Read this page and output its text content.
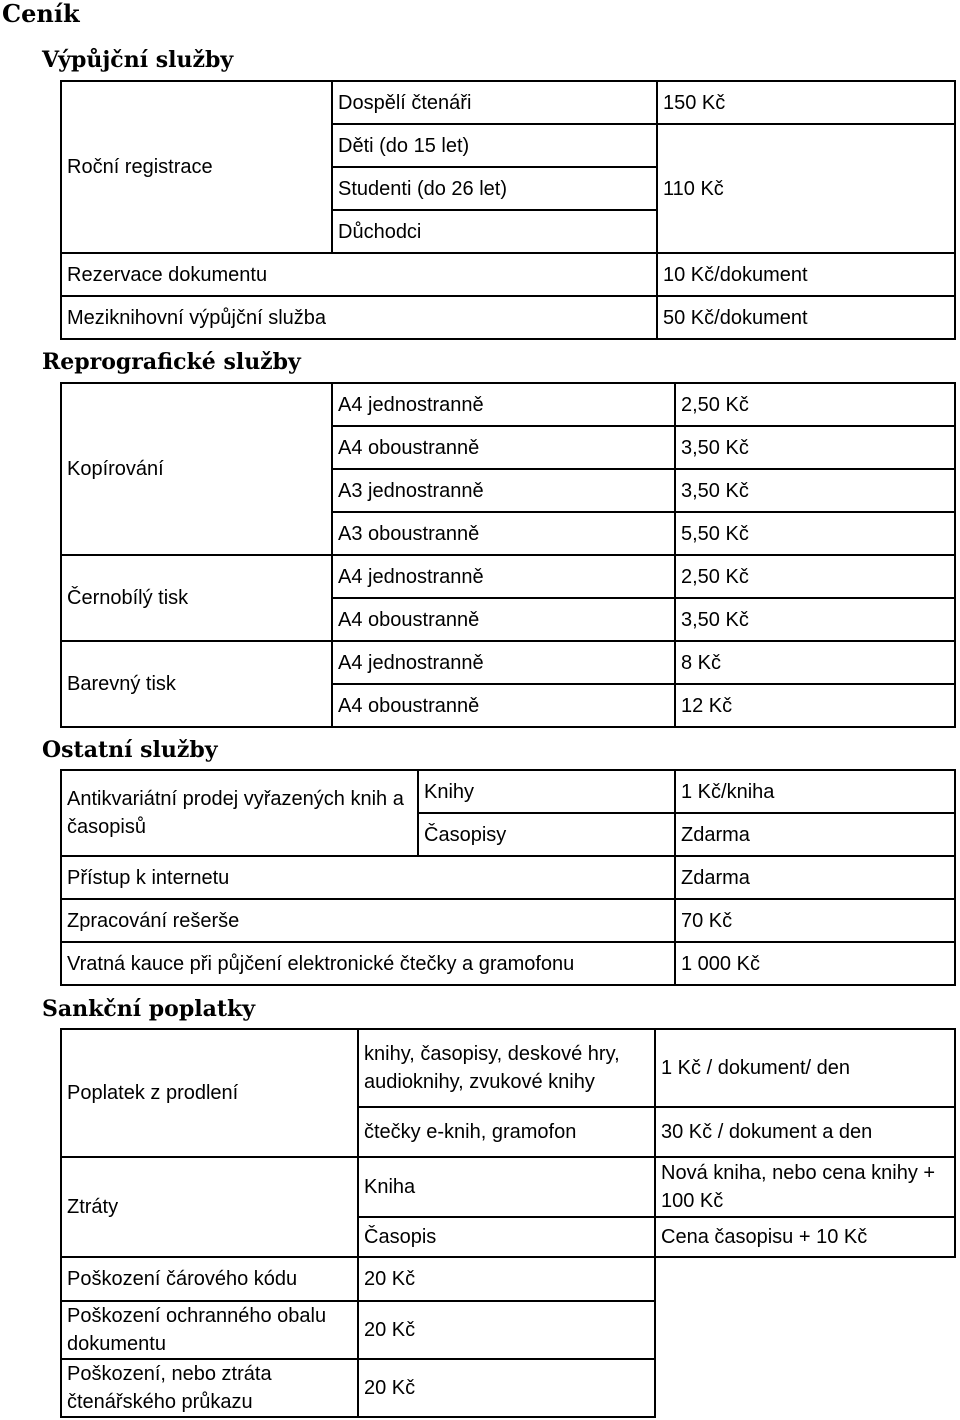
Ceník
Výpůjční služby
Roční registrace	Dospělí čtenáři	150 Kč
	Děti (do 15 let)	110 Kč
	Studenti (do 26 let)	
	Důchodci	
Rezervace dokumentu		10 Kč/dokument
Meziknihovní výpůjční služba		50 Kč/dokument
Reprografické služby
Kopírování	A4 jednostranně	2,50 Kč
	A4 oboustranně	3,50 Kč
	A3 jednostranně	3,50 Kč
	A3 oboustranně	5,50 Kč
Černobílý tisk	A4 jednostranně	2,50 Kč
	A4 oboustranně	3,50 Kč
Barevný tisk	A4 jednostranně	8 Kč
	A4 oboustranně	12 Kč
Ostatní služby
Antikvariátní prodej vyřazených knih a časopisů	Knihy	1 Kč/kniha
	Časopisy	Zdarma
Přístup k internetu		Zdarma
Zpracování rešerše		70 Kč
Vratná kauce při půjčení elektronické čtečky a gramofonu		1 000 Kč
Sankční poplatky
Poplatek z prodlení	knihy, časopisy, deskové hry, audioknihy, zvukové knihy	1 Kč / dokument/ den
	čtečky e-knih, gramofon	30 Kč / dokument a den
Ztráty	Kniha	Nová kniha, nebo cena knihy + 100 Kč
	Časopis	Cena časopisu + 10 Kč
Poškození čárového kódu	20 Kč	
Poškození ochranného obalu dokumentu	20 Kč	
Poškození, nebo ztráta čtenářského průkazu	20 Kč	
